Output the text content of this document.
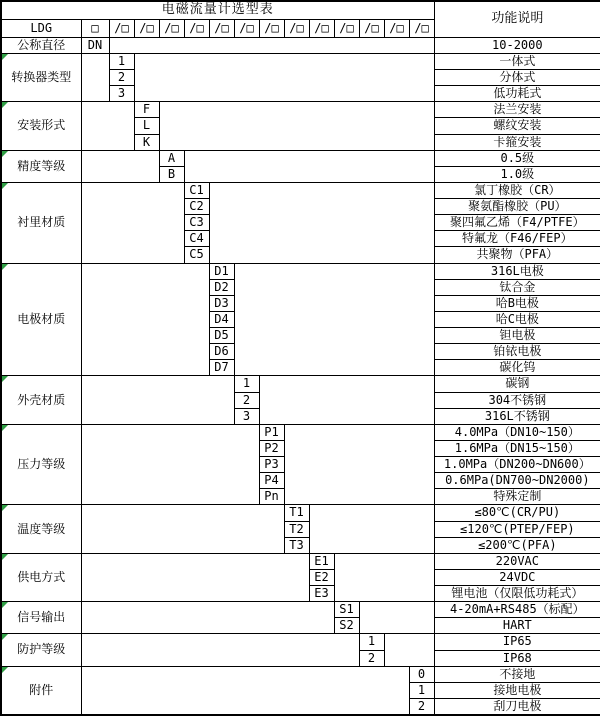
电磁流量计选型表															功能说明
LDG	□	/□	/□	/□	/□	/□	/□	/□	/□	/□	/□	/□	/□	/□	
公称直径	DN														10-2000

转换器类型		1													一体式
		2													分体式
		3													低功耗式

安装形式			F												法兰安装
			L												螺纹安装
			K												卡箍安装

精度等级				A											0.5级
				B											1.0级

衬里材质					C1										氯丁橡胶（CR）
					C2										聚氨酯橡胶（PU）
					C3										聚四氟乙烯（F4/PTFE）
					C4										特氟龙（F46/FEP）
					C5										共聚物（PFA）

电极材质						D1									316L电极
						D2									钛合金
						D3									哈B电极
						D4									哈C电极
						D5									钽电极
						D6									铂铱电极
						D7									碳化钨

外壳材质							1								碳钢
							2								304不锈钢
							3								316L不锈钢

压力等级								P1							4.0MPa（DN10~150）
								P2							1.6MPa（DN15~150）
								P3							1.0MPa（DN200~DN600）
								P4							0.6MPa(DN700~DN2000)
								Pn							特殊定制

温度等级									T1						≤80℃(CR/PU)
									T2						≤120℃(PTEP/FEP)
									T3						≤200℃(PFA)

供电方式										E1					220VAC
										E2					24VDC
										E3					锂电池（仅限低功耗式）

信号输出											S1				4-20mA+RS485（标配）
											S2				HART

防护等级												1			IP65
												2			IP68

附件														0	不接地
														1	接地电极
														2	刮刀电极
